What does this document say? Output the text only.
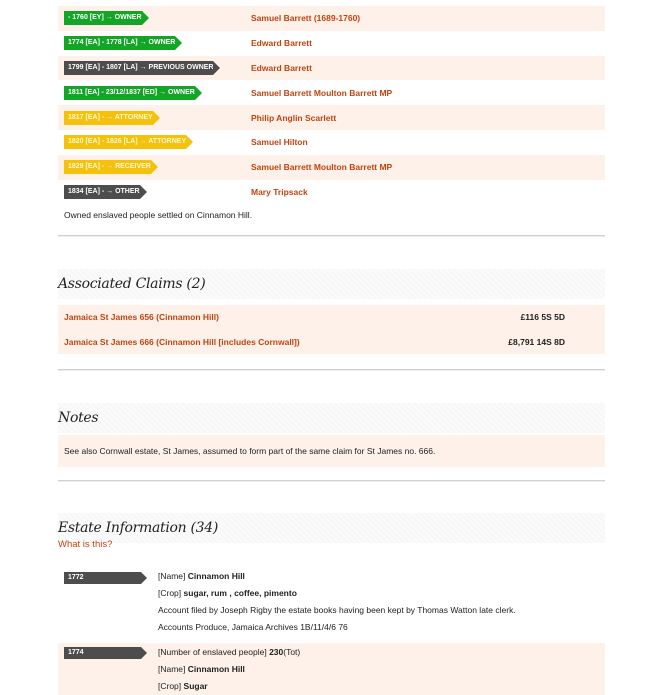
- 1760 [EY] → OWNER	Samuel Barrett (1689-1760)
1774 [EA] - 1778 [LA] → OWNER	Edward Barrett
1799 [EA] - 1807 [LA] → PREVIOUS OWNER	Edward Barrett
1811 [EA] - 23/12/1837 [ED] → OWNER	Samuel Barrett Moulton Barrett MP
1817 [EA] - → ATTORNEY	Philip Anglin Scarlett
1820 [EA] - 1826 [LA] → ATTORNEY	Samuel Hilton
1829 [EA] - → RECEIVER	Samuel Barrett Moulton Barrett MP
1834 [EA] - → OTHER	Mary Tripsack
Owned enslaved people settled on Cinnamon Hill.
Associated Claims (2)
Jamaica St James 656 (Cinnamon Hill)	£116 5S 5D
Jamaica St James 666 (Cinnamon Hill [includes Cornwall])	£8,791 14S 8D
Notes
See also Cornwall estate, St James, assumed to form part of the same claim for St James no. 666.
Estate Information (34)
What is this?
1772	[Name] Cinnamon Hill
[Crop] sugar, rum , coffee, pimento
Account filed by Joseph Rigby the estate books having been kept by Thomas Watton late clerk.
Accounts Produce, Jamaica Archives 1B/11/4/6 76
1774	[Number of enslaved people] 230(Tot)
[Name] Cinnamon Hill
[Crop] Sugar
